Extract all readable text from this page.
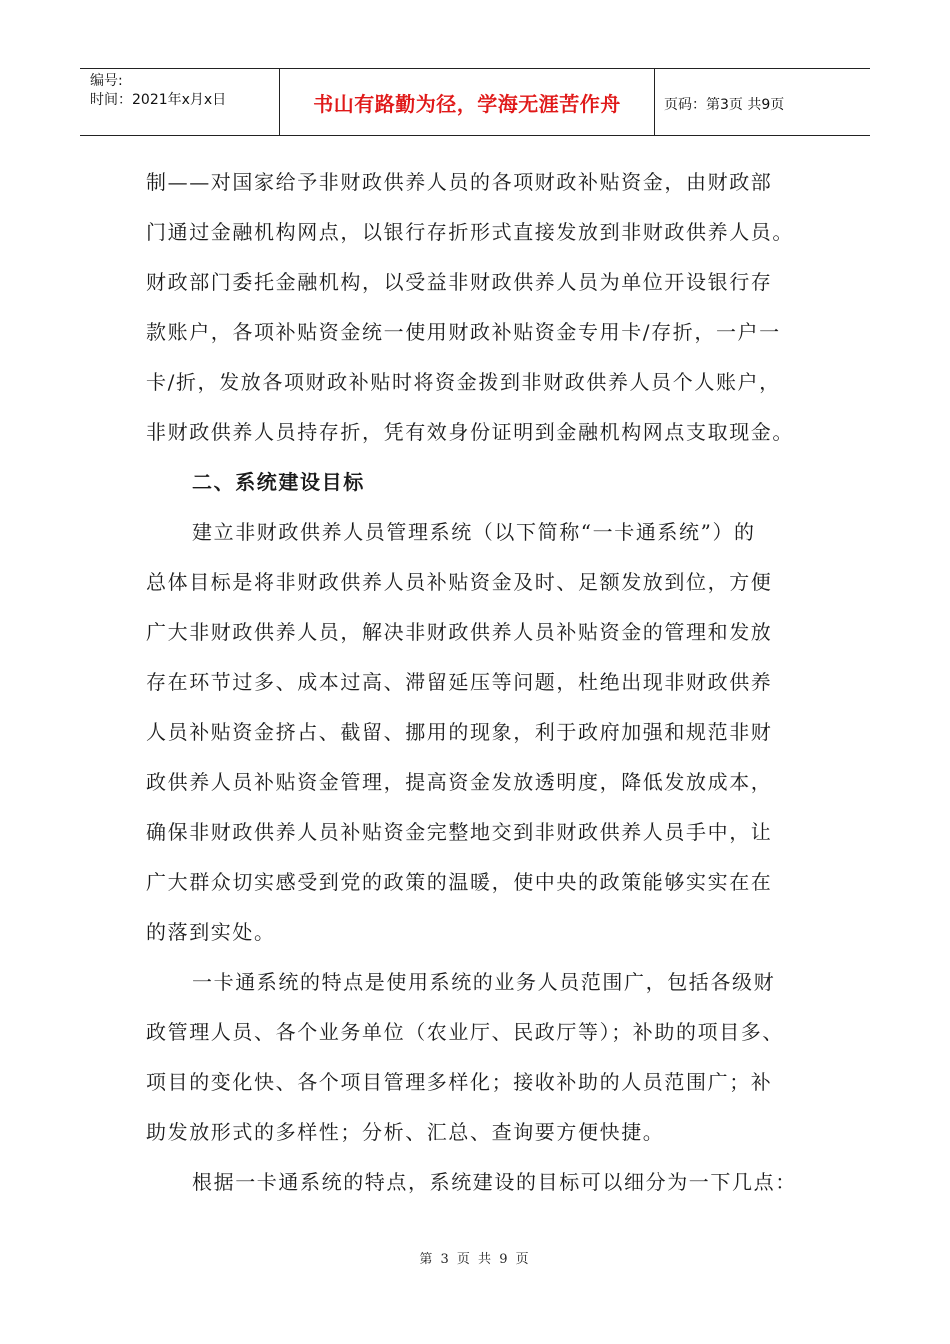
编号:
时间：2021年x月x日	书山有路勤为径，学海无涯苦作舟	页码：第3页 共9页
制——对国家给予非财政供养人员的各项财政补贴资金，由财政部
门通过金融机构网点，以银行存折形式直接发放到非财政供养人员。
财政部门委托金融机构，以受益非财政供养人员为单位开设银行存
款账户，各项补贴资金统一使用财政补贴资金专用卡/存折，一户一
卡/折，发放各项财政补贴时将资金拨到非财政供养人员个人账户，
非财政供养人员持存折，凭有效身份证明到金融机构网点支取现金。
二、系统建设目标
建立非财政供养人员管理系统（以下简称“一卡通系统”）的
总体目标是将非财政供养人员补贴资金及时、足额发放到位，方便
广大非财政供养人员，解决非财政供养人员补贴资金的管理和发放
存在环节过多、成本过高、滞留延压等问题，杜绝出现非财政供养
人员补贴资金挤占、截留、挪用的现象，利于政府加强和规范非财
政供养人员补贴资金管理，提高资金发放透明度，降低发放成本，
确保非财政供养人员补贴资金完整地交到非财政供养人员手中，让
广大群众切实感受到党的政策的温暖，使中央的政策能够实实在在
的落到实处。
一卡通系统的特点是使用系统的业务人员范围广，包括各级财
政管理人员、各个业务单位（农业厅、民政厅等）；补助的项目多、
项目的变化快、各个项目管理多样化；接收补助的人员范围广；补
助发放形式的多样性；分析、汇总、查询要方便快捷。
根据一卡通系统的特点，系统建设的目标可以细分为一下几点：
第 3 页 共 9 页
